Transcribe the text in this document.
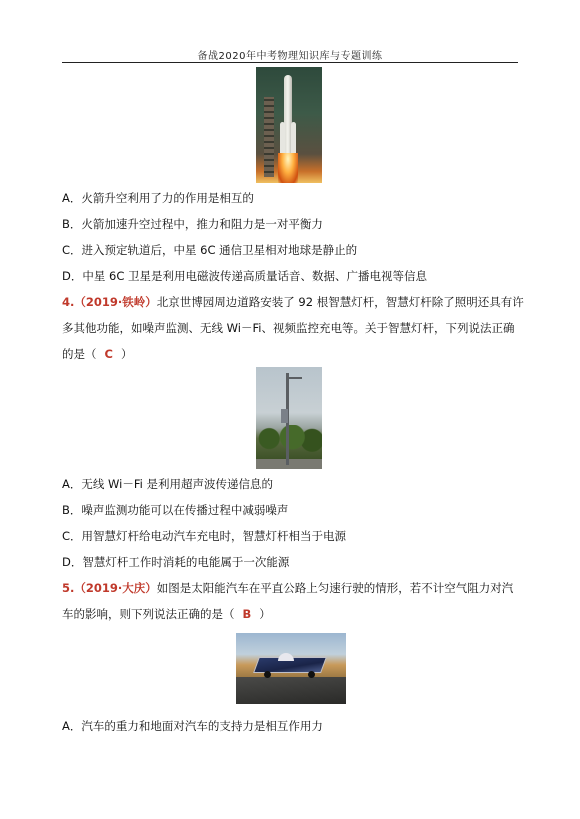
备战2020年中考物理知识库与专题训练
A．火箭升空利用了力的作用是相互的
B．火箭加速升空过程中，推力和阻力是一对平衡力
C．进入预定轨道后，中星 6C 通信卫星相对地球是静止的
D．中星 6C 卫星是利用电磁波传递高质量话音、数据、广播电视等信息
4.（2019·铁岭）北京世博园周边道路安装了 92 根智慧灯杆，智慧灯杆除了照明还具有许
多其他功能，如噪声监测、无线 Wi－Fi、视频监控充电等。关于智慧灯杆，下列说法正确
的是（ C ）
A．无线 Wi－Fi 是利用超声波传递信息的
B．噪声监测功能可以在传播过程中减弱噪声
C．用智慧灯杆给电动汽车充电时，智慧灯杆相当于电源
D．智慧灯杆工作时消耗的电能属于一次能源
5.（2019·大庆）如图是太阳能汽车在平直公路上匀速行驶的情形，若不计空气阻力对汽
车的影响，则下列说法正确的是（ B ）
A．汽车的重力和地面对汽车的支持力是相互作用力
